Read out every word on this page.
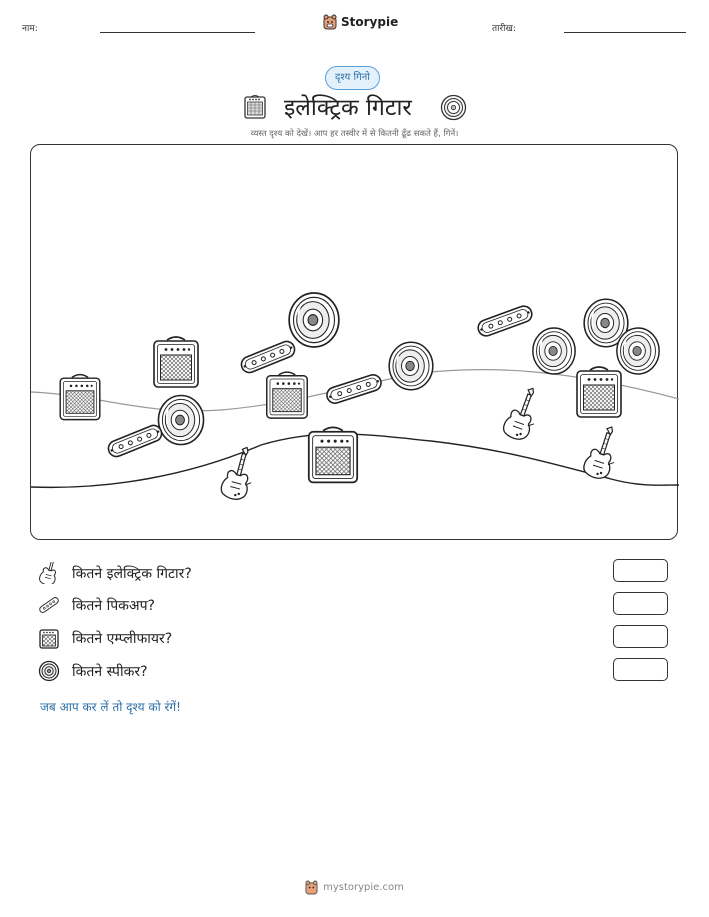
नाम:	Storypie	तारीख:
दृश्य गिनो
इलेक्ट्रिक गिटार
व्यस्त दृश्य को देखें। आप हर तस्वीर में से कितनी ढूँढ सकते हैं, गिनें।
कितने इलेक्ट्रिक गिटार?
कितने पिकअप?
कितने एम्प्लीफायर?
कितने स्पीकर?
जब आप कर लें तो दृश्य को रंगें!
mystorypie.com
